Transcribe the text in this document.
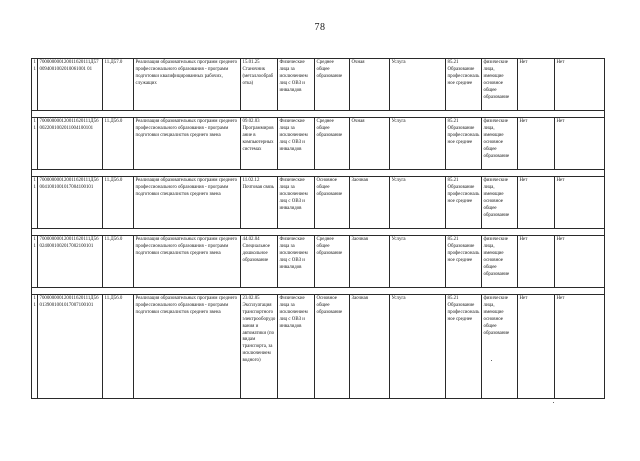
78
11	700000000120011620111Д570094001002010061001 01	11.Д57.0	Реализация образовательных программ среднего профессионального образования - программ подготовки квалифицированных рабочих, служащих	15.01.25 Станочник (металлообработка)	Физические лица за исключением лиц с ОВЗ и инвалидов	Среднее общее образование	Очная	Услуга	85.21 Образование профессиональное среднее	физические лица, имеющие основное общее образование	Нет	Нет

11	700000000120011620111Д560022001002011004100101	11.Д56.0	Реализация образовательных программ среднего профессионального образования - программ подготовки специалистов среднего звена	09.02.03 Программирование в компьютерных системах	Физические лица за исключением лиц с ОВЗ и инвалидов	Среднее общее образование	Очная	Услуга	85.21 Образование профессиональное среднее	физические лица, имеющие основное общее образование	Нет	Нет

11	700000000120011620111Д560041001001017004100101	11.Д56.0	Реализация образовательных программ среднего профессионального образования - программ подготовки специалистов среднего звена	11.02.12 Почтовая связь	Физические лица за исключением лиц с ОВЗ и инвалидов	Основное общее образование	Заочная	Услуга	85.21 Образование профессиональное среднее	физические лица, имеющие основное общее образование	Нет	Нет

11	700000000120011620111Д560240001002017002100101	11.Д56.0	Реализация образовательных программ среднего профессионального образования - программ подготовки специалистов среднего звена	44.02.04 Специальное дошкольное образование	Физические лица за исключением лиц с ОВЗ и инвалидов	Среднее общее образование	Заочная	Услуга	85.21 Образование профессиональное среднее	физические лица, имеющие основное общее образование	Нет	Нет

11	700000000120011620111Д560139001001017007100101	11.Д56.0	Реализация образовательных программ среднего профессионального образования - программ подготовки специалистов среднего звена	23.02.05 Эксплуатация транспортного электрооборудования и автоматики (по видам транспорта, за исключением водного)	Физические лица за исключением лиц с ОВЗ и инвалидов	Основное общее образование	Заочная	Услуга	85.21 Образование профессиональное среднее	физические лица, имеющие основное общее образование	Нет	Нет
